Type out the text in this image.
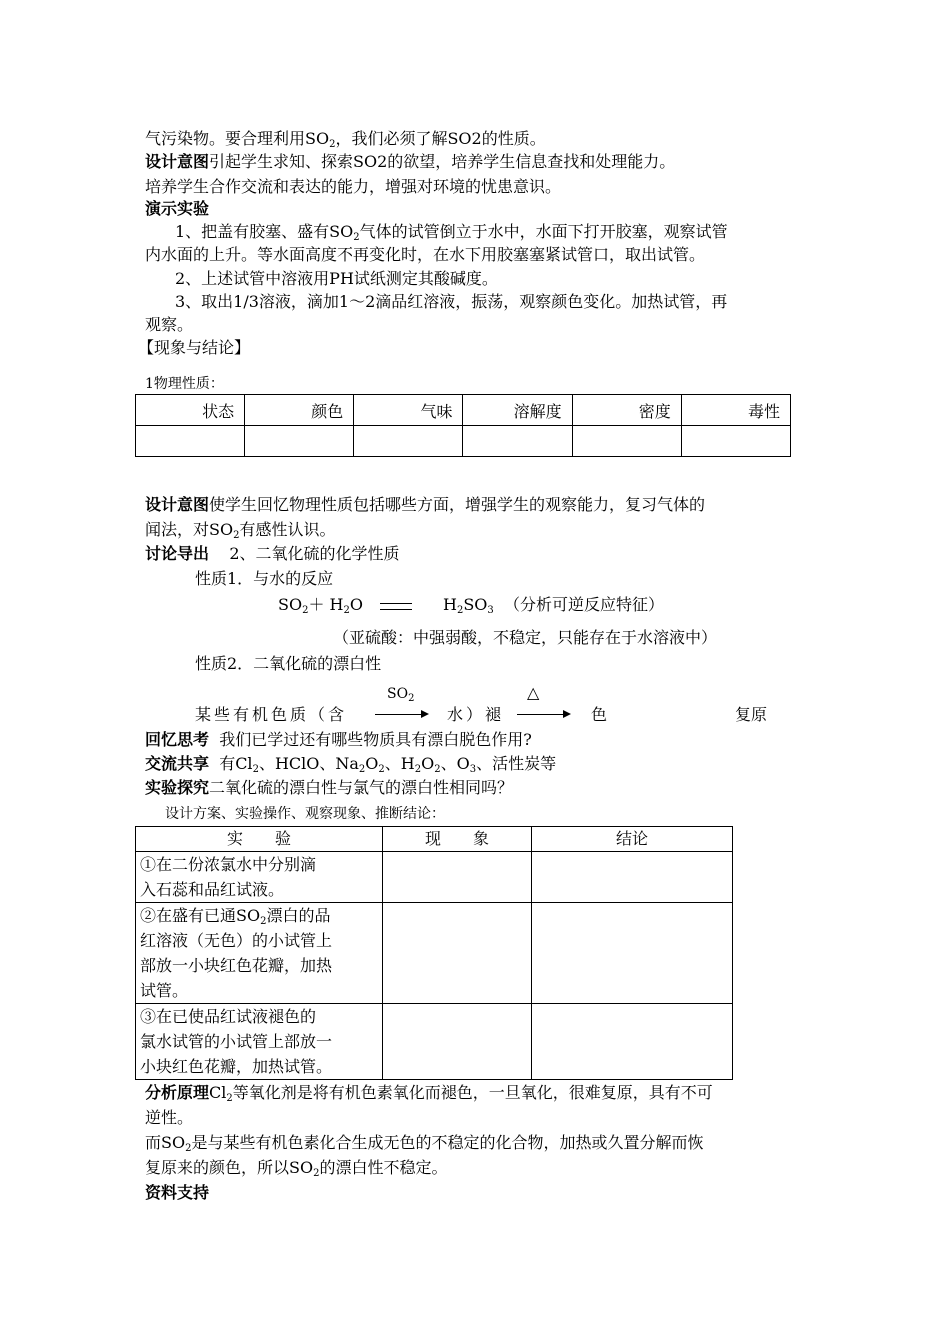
气污染物。要合理利用$SO_2$，我们必须了解SO2的性质。
设计意图引起学生求知、探索SO2的欲望，培养学生信息查找和处理能力。
培养学生合作交流和表达的能力，增强对环境的忧患意识。
演示实验
1、把盖有胶塞、盛有$SO_2$气体的试管倒立于水中，水面下打开胶塞，观察试管
内水面的上升。等水面高度不再变化时，在水下用胶塞塞紧试管口，取出试管。
2、上述试管中溶液用PH试纸测定其酸碱度。
3、取出1/3溶液，滴加1～2滴品红溶液，振荡，观察颜色变化。加热试管，再
观察。
【现象与结论】
1物理性质：
状态	颜色	气味	溶解度	密度	毒性

设计意图使学生回忆物理性质包括哪些方面，增强学生的观察能力，复习气体的
闻法，对$SO_2$有感性认识。
讨论导出 2、二氧化硫的化学性质
性质1．与水的反应
$SO_2+ H_2O$	$H_2SO_3$ （分析可逆反应特征）
（亚硫酸：中强弱酸，不稳定，只能存在于水溶液中）
性质2．二氧化硫的漂白性
$SO_2$	△
某些有机色质（含	水）褪	色	复原
回忆思考 我们已学过还有哪些物质具有漂白脱色作用?
交流共享 有$Cl_2$、HClO、$Na_2O_2$、$H_2O_2$、$O_3$、活性炭等
实验探究二氧化硫的漂白性与氯气的漂白性相同吗？
设计方案、实验操作、观察现象、推断结论：
实　　验	现　　象	结论

①在二份浓氯水中分别滴
入石蕊和品红试液。		

②在盛有已通$SO_2$漂白的品
红溶液（无色）的小试管上
部放一小块红色花瓣，加热
试管。		

③在已使品红试液褪色的
氯水试管的小试管上部放一
小块红色花瓣，加热试管。		

分析原理$Cl_2$等氧化剂是将有机色素氧化而褪色，一旦氧化，很难复原，具有不可
逆性。
而$SO_2$是与某些有机色素化合生成无色的不稳定的化合物，加热或久置分解而恢
复原来的颜色，所以$SO_2$的漂白性不稳定。
资料支持
